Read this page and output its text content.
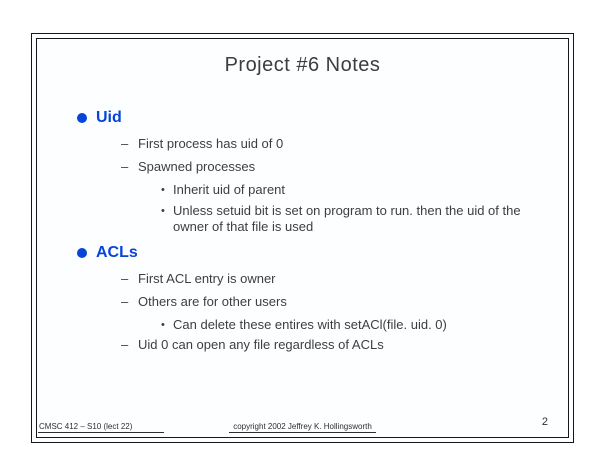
Project #6 Notes
Uid
– First process has uid of 0
– Spawned processes
• Inherit uid of parent
• Unless setuid bit is set on program to run. then the uid of the owner of that file is used
ACLs
– First ACL entry is owner
– Others are for other users
• Can delete these entires with setACl(file. uid. 0)
– Uid 0 can open any file regardless of ACLs
CMSC 412 – S10 (lect 22)	copyright 2002 Jeffrey K. Hollingsworth	2
